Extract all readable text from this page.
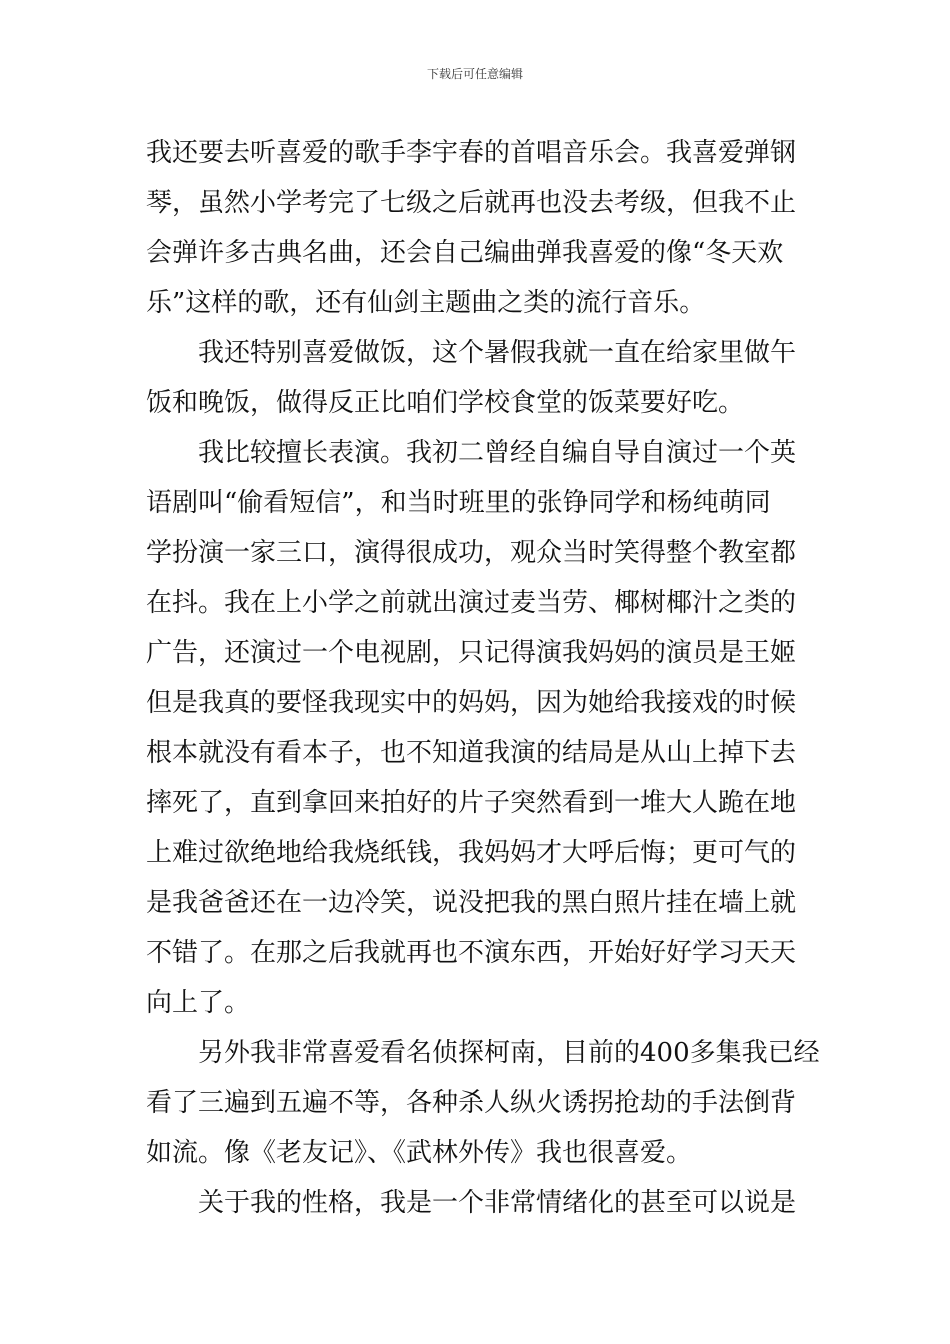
下载后可任意编辑
我还要去听喜爱的歌手李宇春的首唱音乐会。我喜爱弹钢
琴，虽然小学考完了七级之后就再也没去考级，但我不止
会弹许多古典名曲，还会自己编曲弹我喜爱的像“冬天欢
乐”这样的歌，还有仙剑主题曲之类的流行音乐。
　　我还特别喜爱做饭，这个暑假我就一直在给家里做午
饭和晚饭，做得反正比咱们学校食堂的饭菜要好吃。
　　我比较擅长表演。我初二曾经自编自导自演过一个英
语剧叫“偷看短信”，和当时班里的张铮同学和杨纯萌同
学扮演一家三口，演得很成功，观众当时笑得整个教室都
在抖。我在上小学之前就出演过麦当劳、椰树椰汁之类的
广告，还演过一个电视剧，只记得演我妈妈的演员是王姬
但是我真的要怪我现实中的妈妈，因为她给我接戏的时候
根本就没有看本子，也不知道我演的结局是从山上掉下去
摔死了，直到拿回来拍好的片子突然看到一堆大人跪在地
上难过欲绝地给我烧纸钱，我妈妈才大呼后悔；更可气的
是我爸爸还在一边冷笑，说没把我的黑白照片挂在墙上就
不错了。在那之后我就再也不演东西，开始好好学习天天
向上了。
　　另外我非常喜爱看名侦探柯南，目前的400多集我已经
看了三遍到五遍不等，各种杀人纵火诱拐抢劫的手法倒背
如流。像《老友记》、《武林外传》我也很喜爱。
　　关于我的性格，我是一个非常情绪化的甚至可以说是
